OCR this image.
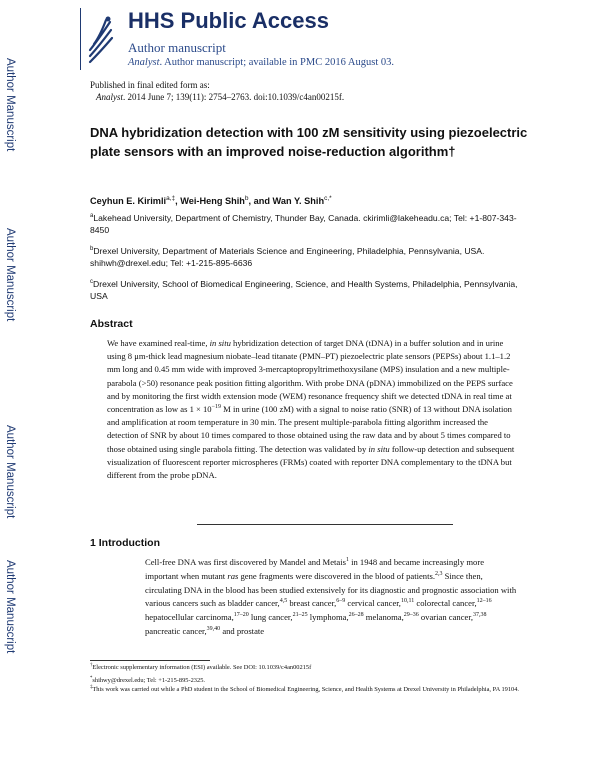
Author Manuscript
Author Manuscript
Author Manuscript
Author Manuscript
HHS Public Access
Author manuscript
Analyst. Author manuscript; available in PMC 2016 August 03.
Published in final edited form as:
Analyst. 2014 June 7; 139(11): 2754–2763. doi:10.1039/c4an00215f.
DNA hybridization detection with 100 zM sensitivity using piezoelectric plate sensors with an improved noise-reduction algorithm†
Ceyhun E. Kirimli$^{a,\ddagger}$, Wei-Heng Shih$^b$, and Wan Y. Shih$^{c,*}$
$^a$Lakehead University, Department of Chemistry, Thunder Bay, Canada. ckirimli@lakeheadu.ca; Tel: +1-807-343-8450
$^b$Drexel University, Department of Materials Science and Engineering, Philadelphia, Pennsylvania, USA. shihwh@drexel.edu; Tel: +1-215-895-6636
$^c$Drexel University, School of Biomedical Engineering, Science, and Health Systems, Philadelphia, Pennsylvania, USA
Abstract
We have examined real-time, in situ hybridization detection of target DNA (tDNA) in a buffer solution and in urine using 8 μm-thick lead magnesium niobate–lead titanate (PMN–PT) piezoelectric plate sensors (PEPSs) about 1.1–1.2 mm long and 0.45 mm wide with improved 3-mercaptopropyltrimethoxysilane (MPS) insulation and a new multiple-parabola (>50) resonance peak position fitting algorithm. With probe DNA (pDNA) immobilized on the PEPS surface and by monitoring the first width extension mode (WEM) resonance frequency shift we detected tDNA in real time at concentration as low as $1 \times 10^{-19}$ M in urine (100 zM) with a signal to noise ratio (SNR) of 13 without DNA isolation and amplification at room temperature in 30 min. The present multiple-parabola fitting algorithm increased the detection of SNR by about 10 times compared to those obtained using the raw data and by about 5 times compared to those obtained using single parabola fitting. The detection was validated by in situ follow-up detection and subsequent visualization of fluorescent reporter microspheres (FRMs) coated with reporter DNA complementary to the tDNA but different from the probe pDNA.
1 Introduction
Cell-free DNA was first discovered by Mandel and Metais$^1$ in 1948 and became increasingly more important when mutant ras gene fragments were discovered in the blood of patients.$^{2,3}$ Since then, circulating DNA in the blood has been studied extensively for its diagnostic and prognostic association with various cancers such as bladder cancer,$^{4,5}$ breast cancer,$^{6-9}$ cervical cancer,$^{10,11}$ colorectal cancer,$^{12-16}$ hepatocellular carcinoma,$^{17-20}$ lung cancer,$^{21-25}$ lymphoma,$^{26-28}$ melanoma,$^{29-36}$ ovarian cancer,$^{37,38}$ pancreatic cancer,$^{39,40}$ and prostate
†Electronic supplementary information (ESI) available. See DOI: 10.1039/c4an00215f
*shihwy@drexel.edu; Tel: +1-215-895-2325.
‡This work was carried out while a PhD student in the School of Biomedical Engineering, Science, and Health Systems at Drexel University in Philadelphia, PA 19104.
